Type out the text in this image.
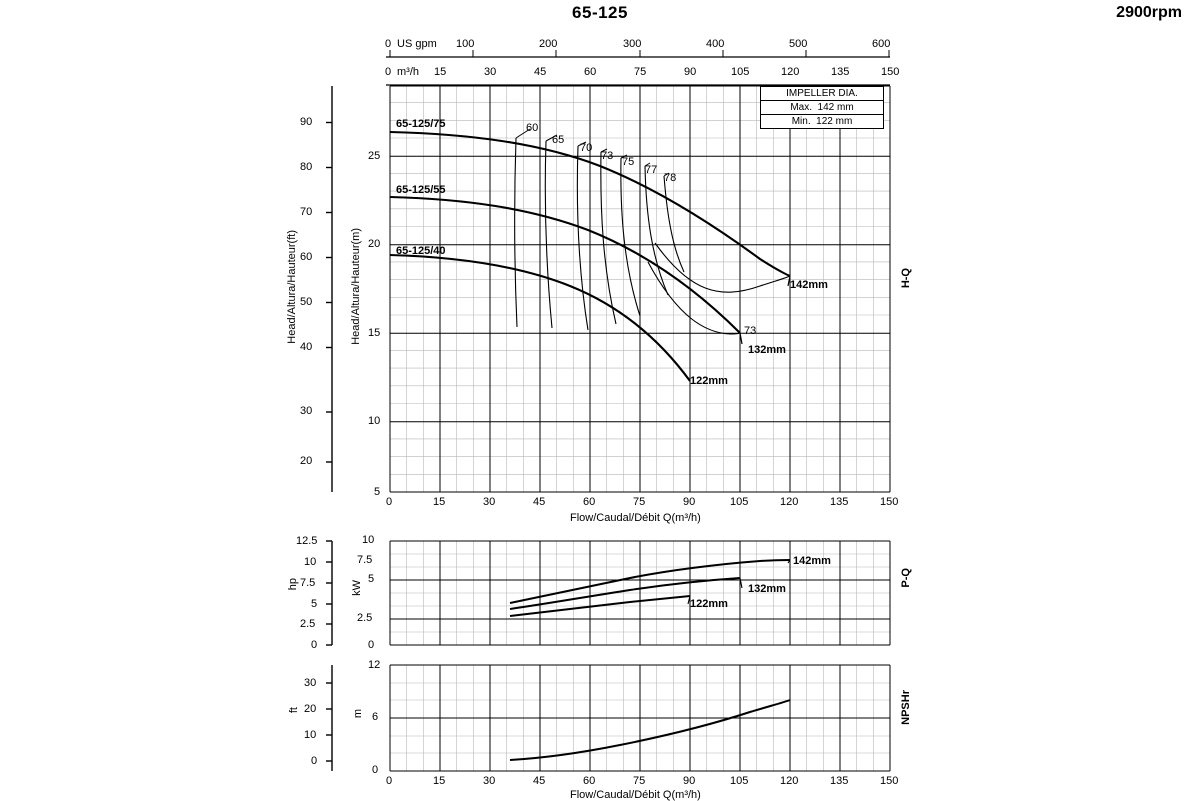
65-125	2900rpm
0 US gpm 100	200	300	400	500	600
0 m³/h 15	30	45	60	75	90	105	120	135	150
IMPELLER DIA.
Max. 142 mm
Min. 122 mm
90
80
70
60
50
40
30
20
25
20
15
10
5
Head/Altura/Hauteur(ft)	Head/Altura/Hauteur(m)	H-Q
0	15	30	45	60	75	90	105	120	135	150
Flow/Caudal/Débit Q(m³/h)
65-125/75
65-125/55
65-125/40
60
65
70
73 75
77
78
73
142mm
132mm
122mm
12.5
10
7.5
5
2.5
0
hp
10
7.5
5
2.5
0
kW
142mm
132mm
122mm
P-Q
30
20
10
0
ft
12
6
0
m	NPSHr
0	15	30	45	60	75	90	105	120	135	150
Flow/Caudal/Débit Q(m³/h)
